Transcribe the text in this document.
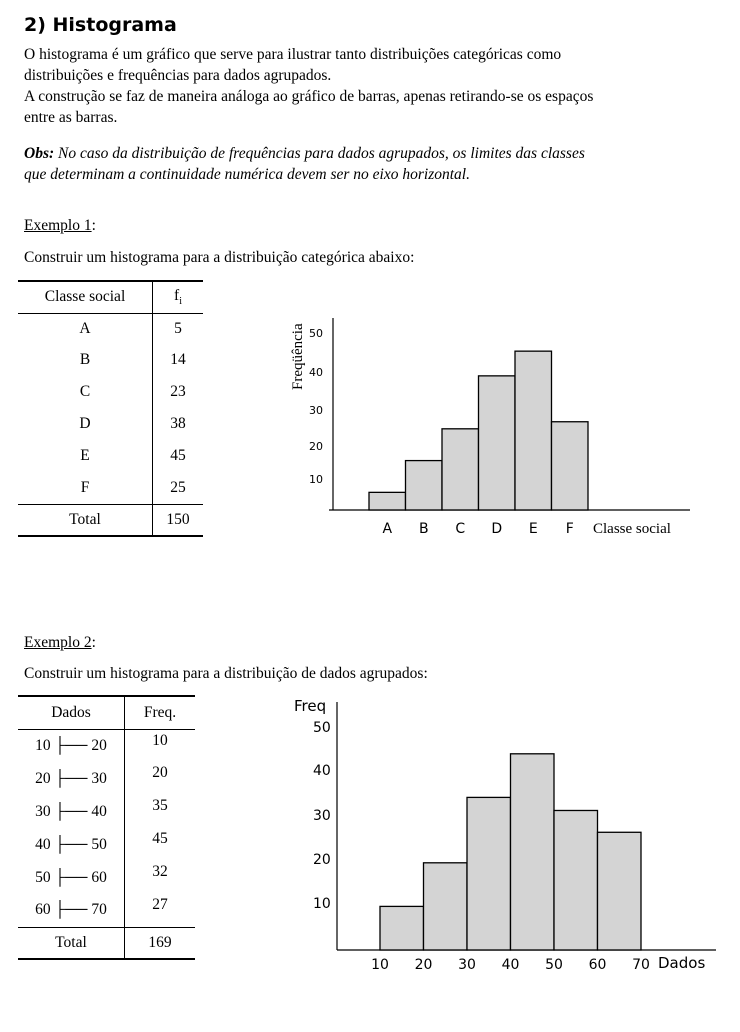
2) Histograma

O histograma é um gráfico que serve para ilustrar tanto distribuições categóricas como

distribuições e frequências para dados agrupados.

A construção se faz de maneira análoga ao gráfico de barras, apenas retirando-se os espaços

entre as barras.

Obs: No caso da distribuição de frequências para dados agrupados, os limites das classes
que determinam a continuidade numérica devem ser no eixo horizontal.
Exemplo 1:
Construir um histograma para a distribuição categórica abaixo:
Classe social	$f_i$
A	5
B	14
C	23
D	38
E	45
F	25
Total	150
Exemplo 2:
Construir um histograma para a distribuição de dados agrupados:
Dados	Freq.
10 ├── 20	10
20 ├── 30	20
30 ├── 40	35
40 ├── 50	45
50 ├── 60	32
60 ├── 70	27
Total	169
10
20
30
40
50
A B C D E F Classe social
Freqüência
10
20
30
40
50
10 20 30 40 50 60 70 Dados
Freq
